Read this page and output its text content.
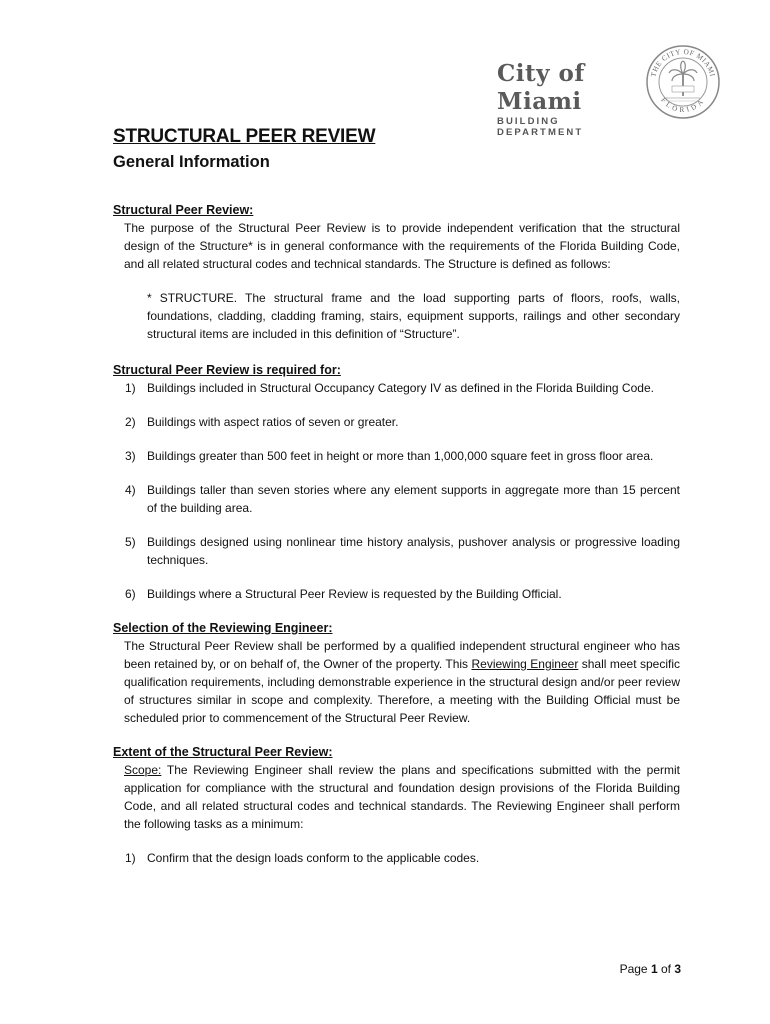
City of Miami
BUILDING DEPARTMENT
THE CITY OF MIAMI
FLORIDA
STRUCTURAL PEER REVIEW
General Information
Structural Peer Review:

The purpose of the Structural Peer Review is to provide independent verification that the structural design of the Structure* is in general conformance with the requirements of the Florida Building Code, and all related structural codes and technical standards. The Structure is defined as follows:

* STRUCTURE. The structural frame and the load supporting parts of floors, roofs, walls, foundations, cladding, cladding framing, stairs, equipment supports, railings and other secondary structural items are included in this definition of “Structure”.

Structural Peer Review is required for:
1) Buildings included in Structural Occupancy Category IV as defined in the Florida Building Code.
2) Buildings with aspect ratios of seven or greater.
3) Buildings greater than 500 feet in height or more than 1,000,000 square feet in gross floor area.
4) Buildings taller than seven stories where any element supports in aggregate more than 15 percent of the building area.
5) Buildings designed using nonlinear time history analysis, pushover analysis or progressive loading techniques.
6) Buildings where a Structural Peer Review is requested by the Building Official.
Selection of the Reviewing Engineer:

The Structural Peer Review shall be performed by a qualified independent structural engineer who has been retained by, or on behalf of, the Owner of the property. This Reviewing Engineer shall meet specific qualification requirements, including demonstrable experience in the structural design and/or peer review of structures similar in scope and complexity. Therefore, a meeting with the Building Official must be scheduled prior to commencement of the Structural Peer Review.

Extent of the Structural Peer Review:

Scope: The Reviewing Engineer shall review the plans and specifications submitted with the permit application for compliance with the structural and foundation design provisions of the Florida Building Code, and all related structural codes and technical standards. The Reviewing Engineer shall perform the following tasks as a minimum:

1) Confirm that the design loads conform to the applicable codes.
Page 1 of 3
